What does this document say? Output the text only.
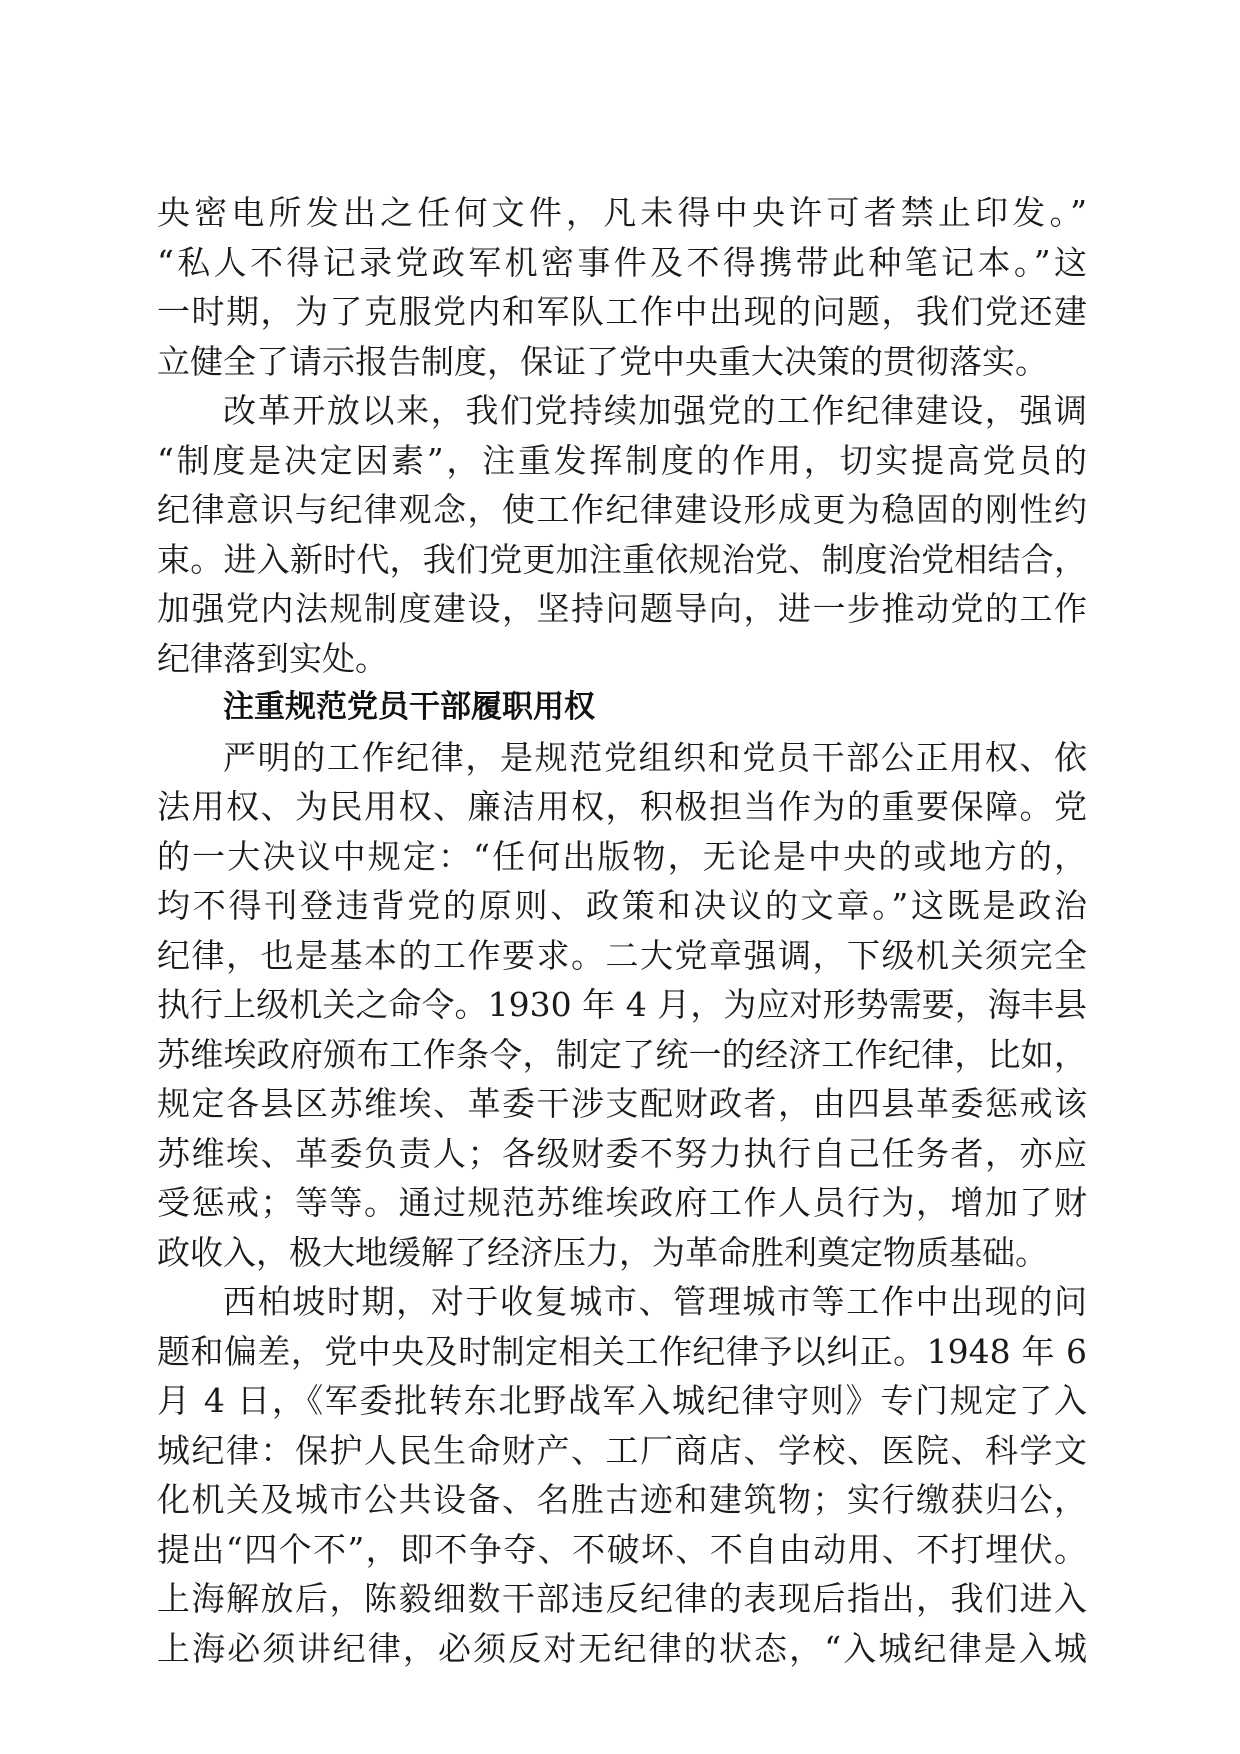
央密电所发出之任何文件，凡未得中央许可者禁止印发。”
“私人不得记录党政军机密事件及不得携带此种笔记本。”这
一时期，为了克服党内和军队工作中出现的问题，我们党还建
立健全了请示报告制度，保证了党中央重大决策的贯彻落实。
改革开放以来，我们党持续加强党的工作纪律建设，强调
“制度是决定因素”，注重发挥制度的作用，切实提高党员的
纪律意识与纪律观念，使工作纪律建设形成更为稳固的刚性约
束。进入新时代，我们党更加注重依规治党、制度治党相结合，
加强党内法规制度建设，坚持问题导向，进一步推动党的工作
纪律落到实处。
注重规范党员干部履职用权
严明的工作纪律，是规范党组织和党员干部公正用权、依
法用权、为民用权、廉洁用权，积极担当作为的重要保障。党
的一大决议中规定：“任何出版物，无论是中央的或地方的，
均不得刊登违背党的原则、政策和决议的文章。”这既是政治
纪律，也是基本的工作要求。二大党章强调，下级机关须完全
执行上级机关之命令。1930 年 4 月，为应对形势需要，海丰县
苏维埃政府颁布工作条令，制定了统一的经济工作纪律，比如，
规定各县区苏维埃、革委干涉支配财政者，由四县革委惩戒该
苏维埃、革委负责人；各级财委不努力执行自己任务者，亦应
受惩戒；等等。通过规范苏维埃政府工作人员行为，增加了财
政收入，极大地缓解了经济压力，为革命胜利奠定物质基础。
西柏坡时期，对于收复城市、管理城市等工作中出现的问
题和偏差，党中央及时制定相关工作纪律予以纠正。1948 年 6
月 4 日，《军委批转东北野战军入城纪律守则》专门规定了入
城纪律：保护人民生命财产、工厂商店、学校、医院、科学文
化机关及城市公共设备、名胜古迹和建筑物；实行缴获归公，
提出“四个不”，即不争夺、不破坏、不自由动用、不打埋伏。
上海解放后，陈毅细数干部违反纪律的表现后指出，我们进入
上海必须讲纪律，必须反对无纪律的状态，“入城纪律是入城
